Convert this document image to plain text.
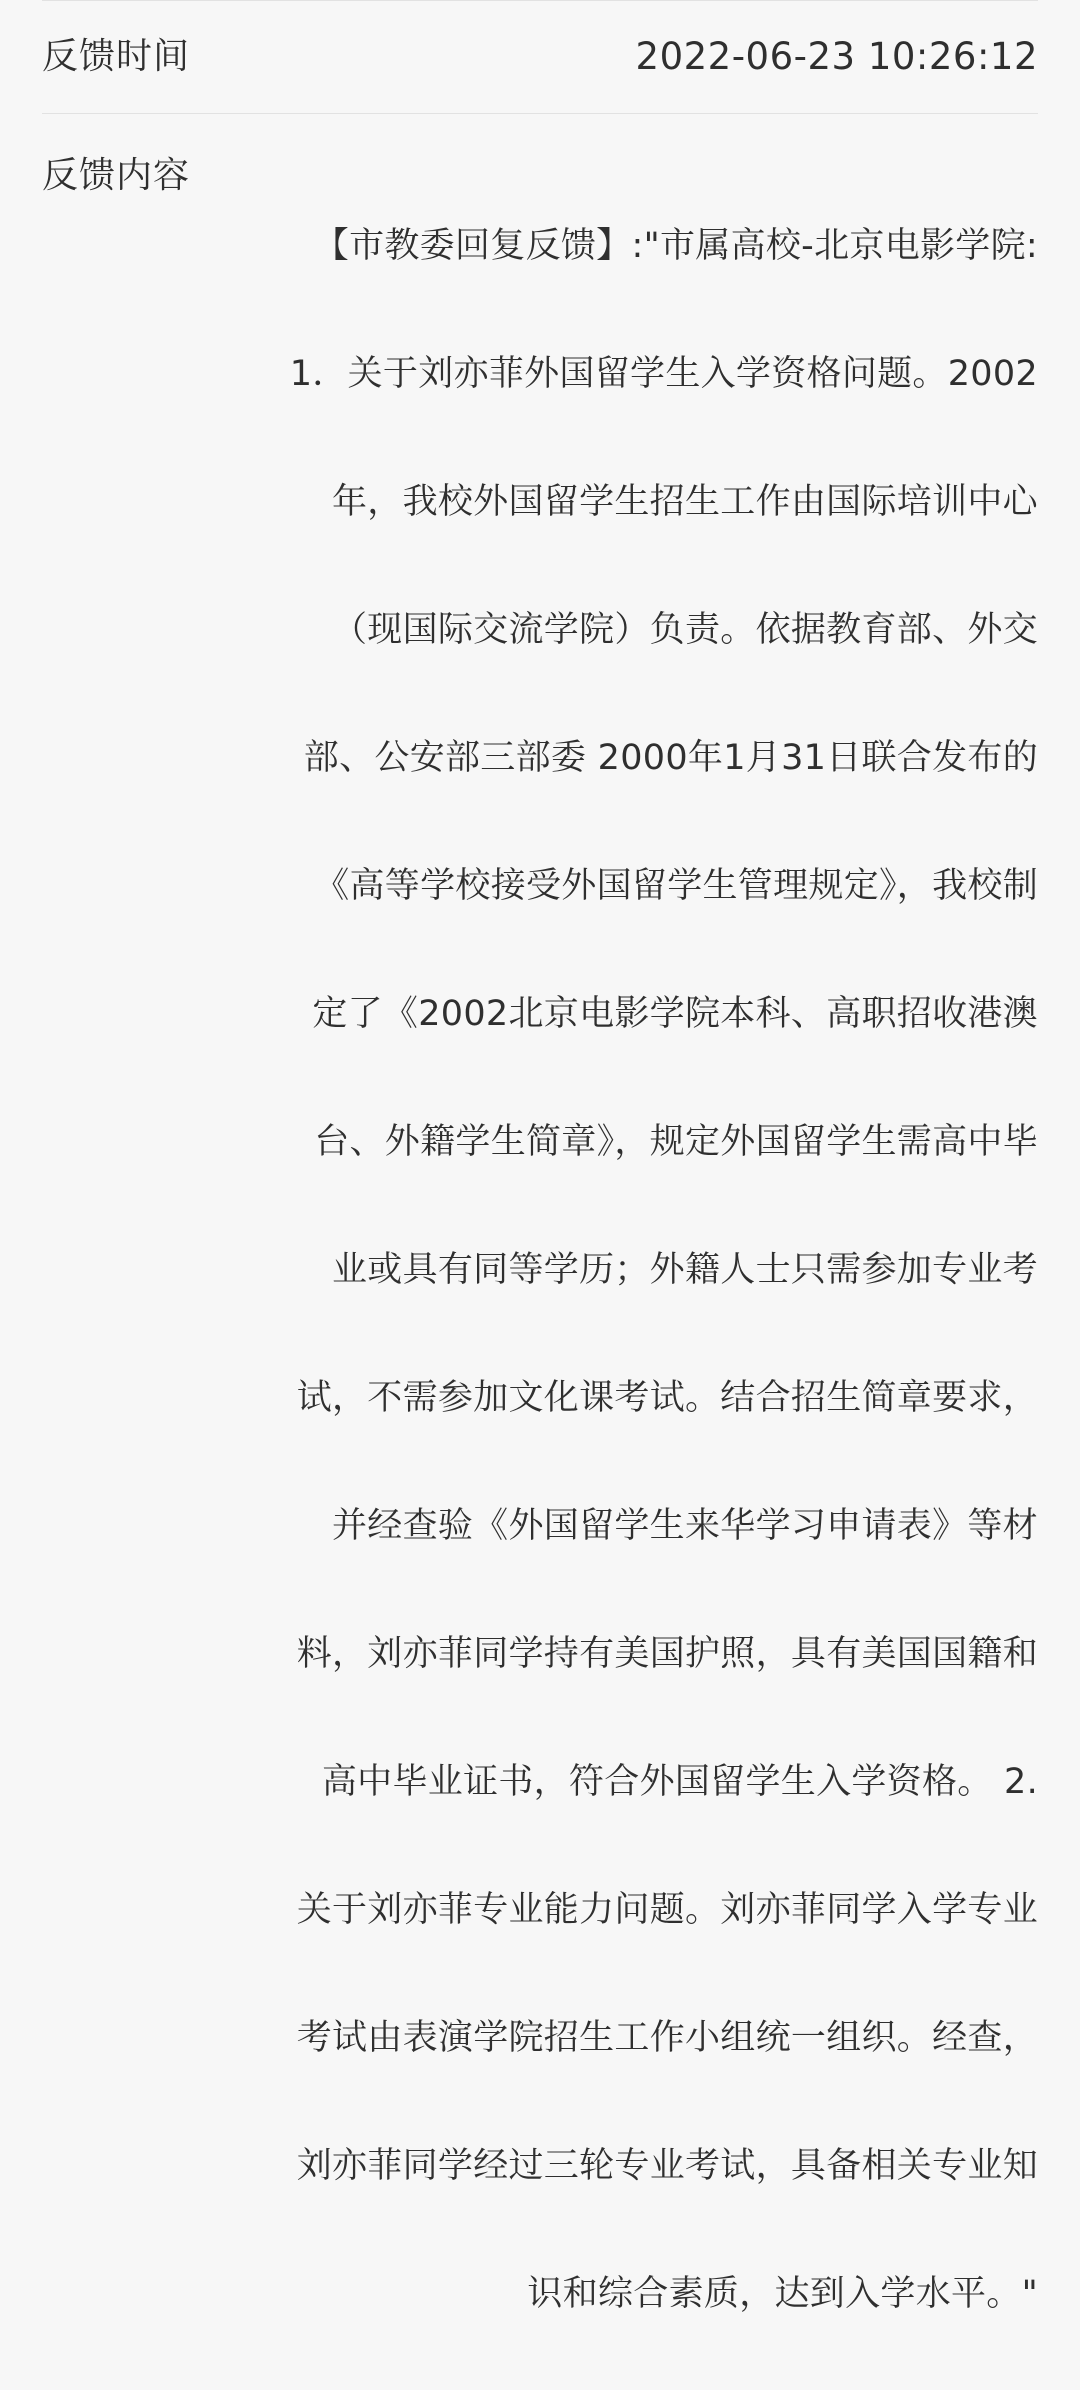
反馈时间	2022-06-23 10:26:12
反馈内容

【市教委回复反馈】:"市属高校-北京电影学院:

1．关于刘亦菲外国留学生入学资格问题。2002

年，我校外国留学生招生工作由国际培训中心

（现国际交流学院）负责。依据教育部、外交

部、公安部三部委 2000年1月31日联合发布的

《高等学校接受外国留学生管理规定》，我校制

定了《2002北京电影学院本科、高职招收港澳

台、外籍学生简章》，规定外国留学生需高中毕

业或具有同等学历；外籍人士只需参加专业考

试，不需参加文化课考试。结合招生简章要求，

并经查验《外国留学生来华学习申请表》等材

料，刘亦菲同学持有美国护照，具有美国国籍和

高中毕业证书，符合外国留学生入学资格。 2.

关于刘亦菲专业能力问题。刘亦菲同学入学专业

考试由表演学院招生工作小组统一组织。经查，

刘亦菲同学经过三轮专业考试，具备相关专业知

识和综合素质，达到入学水平。"
